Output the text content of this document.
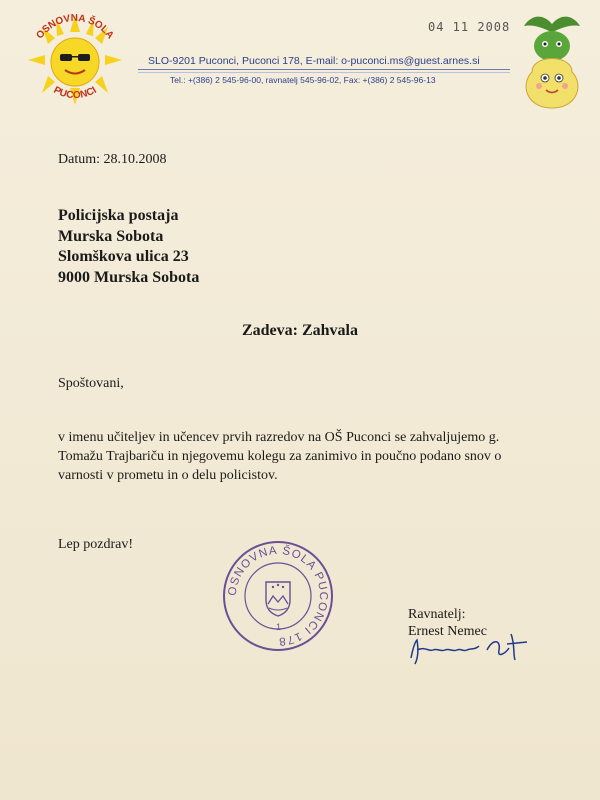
OSNOVNA ŠOLA
PUCONCI
04 11 2008
SLO-9201 Puconci, Puconci 178, E-mail: o-puconci.ms@guest.arnes.si
Tel.: +(386) 2 545-96-00, ravnatelj 545-96-02, Fax: +(386) 2 545-96-13
Datum: 28.10.2008
Policijska postaja
Murska Sobota
Slomškova ulica 23
9000 Murska Sobota
Zadeva: Zahvala
Spoštovani,
v imenu učiteljev in učencev prvih razredov na OŠ Puconci se zahvaljujemo g.
Tomažu Trajbariču in njegovemu kolegu za zanimivo in poučno podano snov o
varnosti v prometu in o delu policistov.
Lep pozdrav!
OSNOVNA ŠOLA PUCONCI 178
1
Ravnatelj:
Ernest Nemec
